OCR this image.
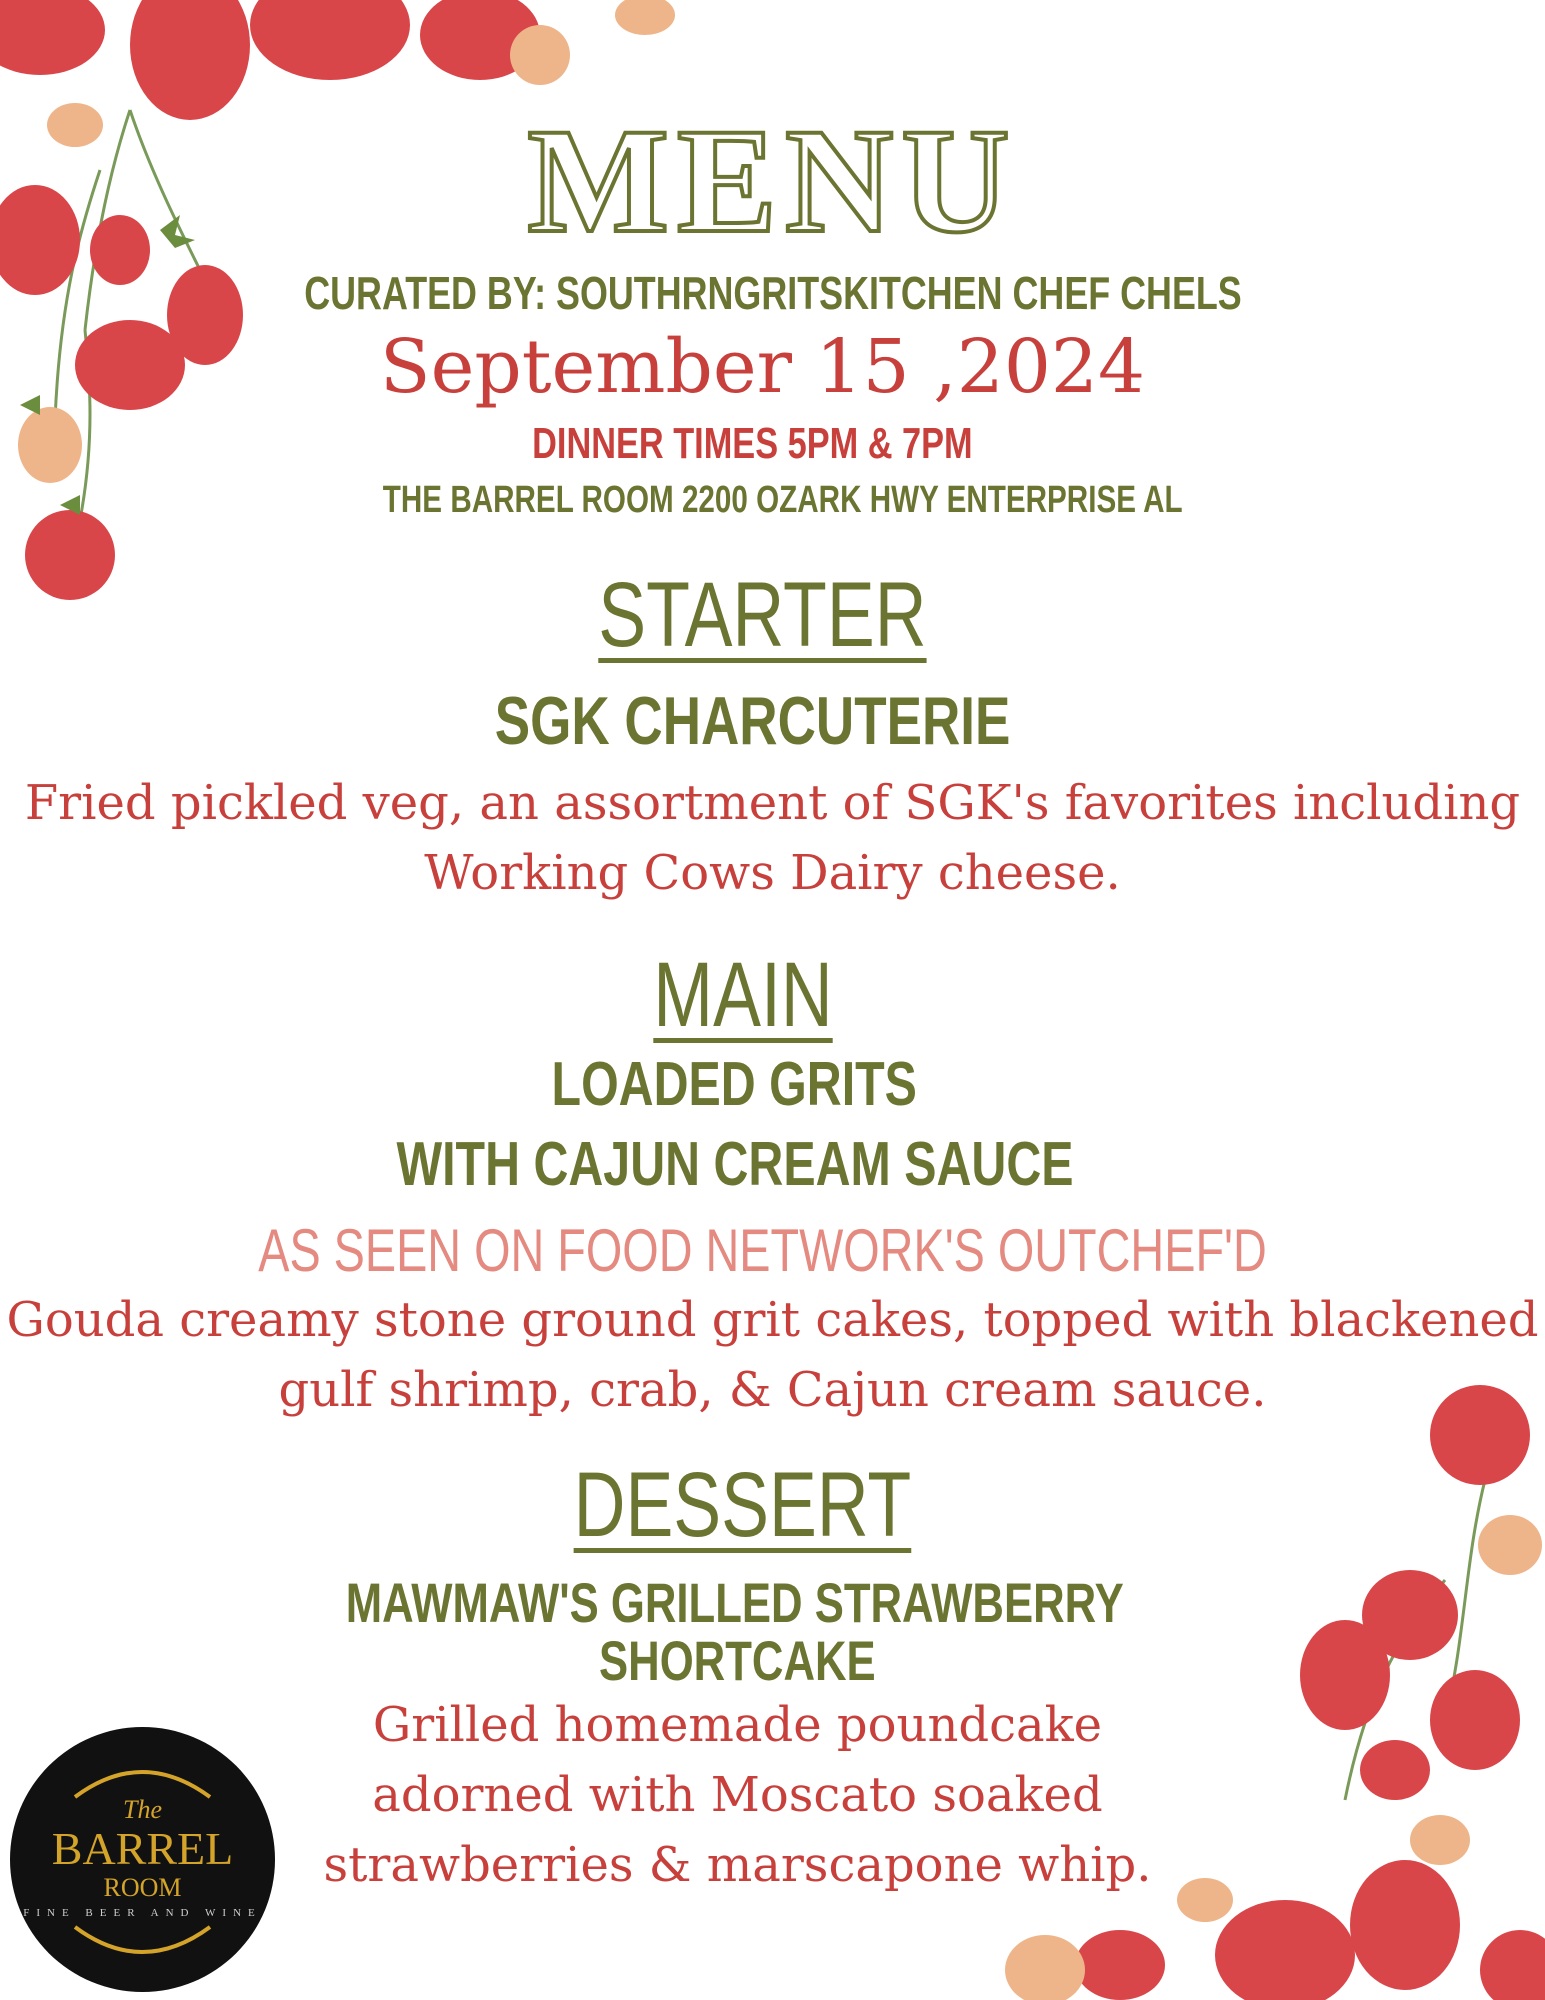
MENU
CURATED BY: SOUTHRNGRITSKITCHEN CHEF CHELS
September 15 ,2024
DINNER TIMES 5PM & 7PM
THE BARREL ROOM 2200 OZARK HWY ENTERPRISE AL
STARTER
SGK CHARCUTERIE
Fried pickled veg, an assortment of SGK's favorites including
Working Cows Dairy cheese.
MAIN
LOADED GRITS
WITH CAJUN CREAM SAUCE
AS SEEN ON FOOD NETWORK'S OUTCHEF'D
Gouda creamy stone ground grit cakes, topped with blackened
gulf shrimp, crab, & Cajun cream sauce.
DESSERT
MAWMAW'S GRILLED STRAWBERRY
SHORTCAKE
Grilled homemade poundcake
adorned with Moscato soaked
strawberries & marscapone whip.
The
BARREL
ROOM
FINE BEER AND WINE
